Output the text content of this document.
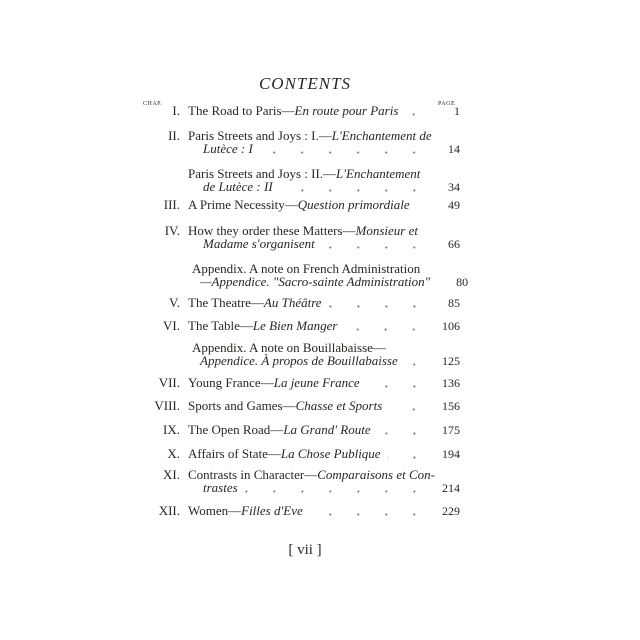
CONTENTS
CHAP.	PAGE
I. The Road to Paris—En route pour Paris	1
II. Paris Streets and Joys : I.—L'Enchantement de
Lutèce : I	14
Paris Streets and Joys : II.—L'Enchantement
de Lutèce : II	34
III. A Prime Necessity—Question primordiale	49
IV. How they order these Matters—Monsieur et
Madame s'organisent	66
Appendix. A note on French Administration
—Appendice. "Sacro-sainte Administration"	80
V. The Theatre—Au Théâtre	85
VI. The Table—Le Bien Manger	106
Appendix. A note on Bouillabaisse—
Appendice. À propos de Bouillabaisse	125
VII. Young France—La jeune France	136
VIII. Sports and Games—Chasse et Sports	156
IX. The Open Road—La Grand' Route	175
X. Affairs of State—La Chose Publique	194
XI. Contrasts in Character—Comparaisons et Con-
trastes	214
XII. Women—Filles d'Eve	229
[ vii ]
